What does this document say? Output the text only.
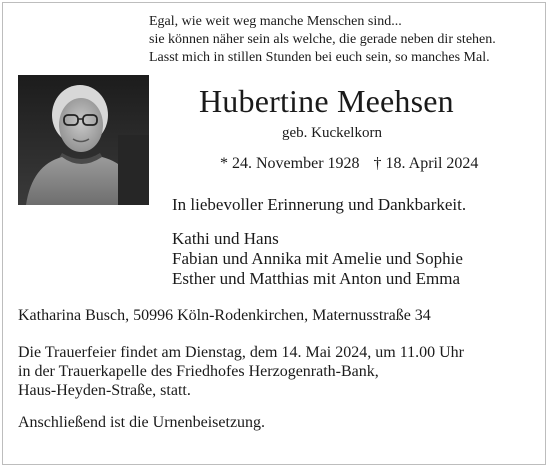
Egal, wie weit weg manche Menschen sind...
sie können näher sein als welche, die gerade neben dir stehen.
Lasst mich in stillen Stunden bei euch sein, so manches Mal.
Hubertine Meehsen
geb. Kuckelkorn
* 24. November 1928 † 18. April 2024
In liebevoller Erinnerung und Dankbarkeit.
Kathi und Hans
Fabian und Annika mit Amelie und Sophie
Esther und Matthias mit Anton und Emma
Katharina Busch, 50996 Köln-Rodenkirchen, Maternusstraße 34
Die Trauerfeier findet am Dienstag, dem 14. Mai 2024, um 11.00 Uhr
in der Trauerkapelle des Friedhofes Herzogenrath-Bank,
Haus-Heyden-Straße, statt.
Anschließend ist die Urnenbeisetzung.
